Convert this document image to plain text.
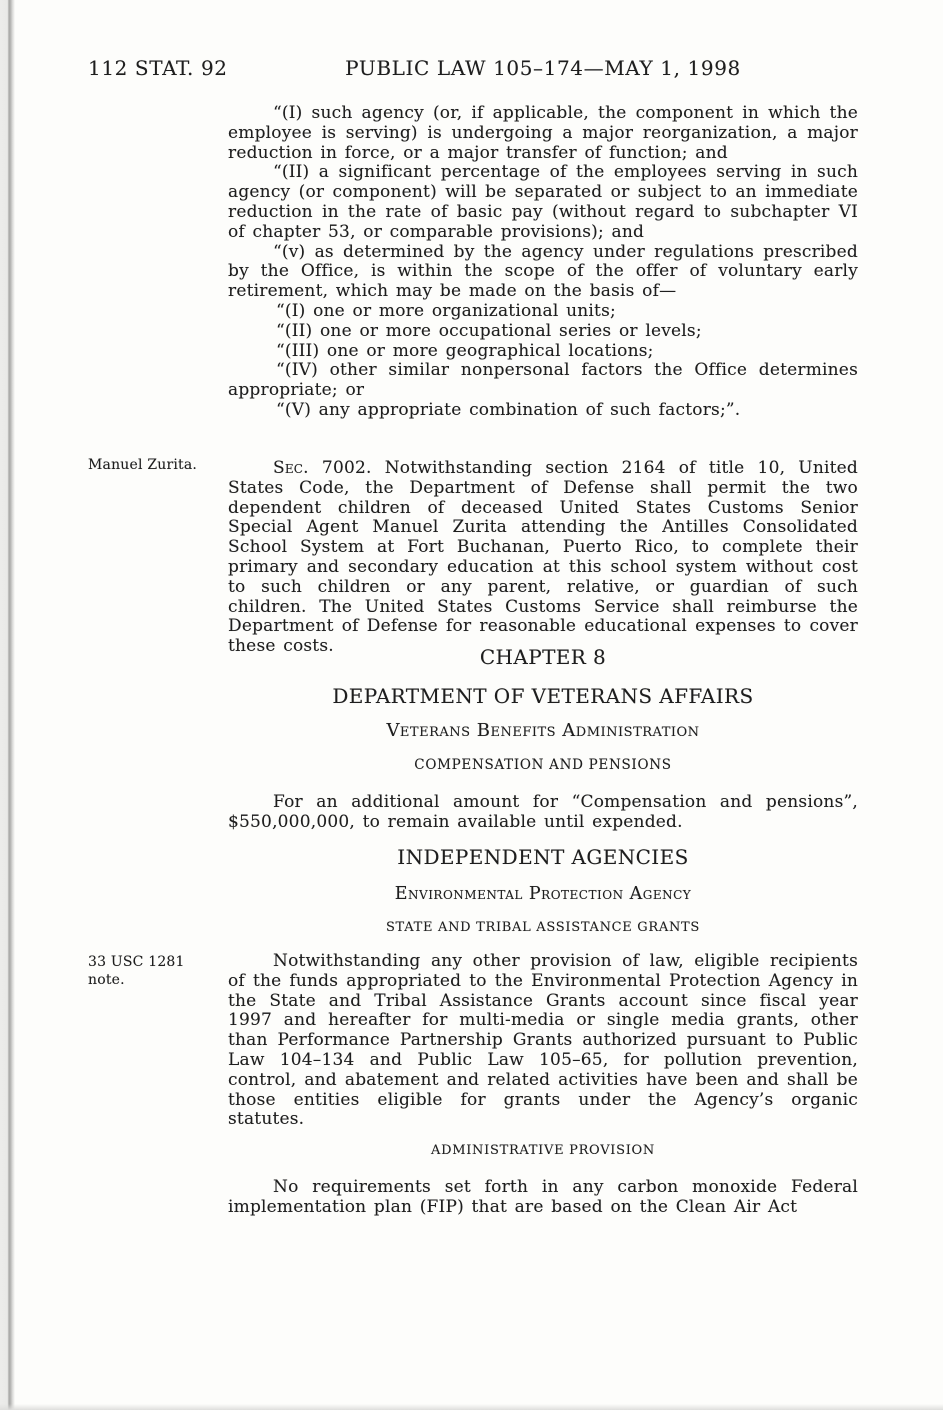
112 STAT. 92	PUBLIC LAW 105–174—MAY 1, 1998
Manuel Zurita.
33 USC 1281
note.

“(I) such agency (or, if applicable, the component in which the employee is serving) is undergoing a major reorganization, a major reduction in force, or a major transfer of function; and

“(II) a significant percentage of the employees serving in such agency (or component) will be separated or subject to an immediate reduction in the rate of basic pay (without regard to subchapter VI of chapter 53, or comparable provisions); and

“(v) as determined by the agency under regulations prescribed by the Office, is within the scope of the offer of voluntary early retirement, which may be made on the basis of—

“(I) one or more organizational units;

“(II) one or more occupational series or levels;

“(III) one or more geographical locations;

“(IV) other similar nonpersonal factors the Office determines appropriate; or

“(V) any appropriate combination of such factors;”.

Sec. 7002. Notwithstanding section 2164 of title 10, United States Code, the Department of Defense shall permit the two dependent children of deceased United States Customs Senior Special Agent Manuel Zurita attending the Antilles Consolidated School System at Fort Buchanan, Puerto Rico, to complete their primary and secondary education at this school system without cost to such children or any parent, relative, or guardian of such children. The United States Customs Service shall reimburse the Department of Defense for reasonable educational expenses to cover these costs.	CHAPTER 8
DEPARTMENT OF VETERANS AFFAIRS
Veterans Benefits Administration
COMPENSATION AND PENSIONS

For an additional amount for “Compensation and pensions”, $550,000,000, to remain available until expended.

INDEPENDENT AGENCIES
Environmental Protection Agency
STATE AND TRIBAL ASSISTANCE GRANTS

Notwithstanding any other provision of law, eligible recipients of the funds appropriated to the Environmental Protection Agency in the State and Tribal Assistance Grants account since fiscal year 1997 and hereafter for multi-media or single media grants, other than Performance Partnership Grants authorized pursuant to Public Law 104–134 and Public Law 105–65, for pollution prevention, control, and abatement and related activities have been and shall be those entities eligible for grants under the Agency’s organic statutes.

ADMINISTRATIVE PROVISION

No requirements set forth in any carbon monoxide Federal implementation plan (FIP) that are based on the Clean Air Act
